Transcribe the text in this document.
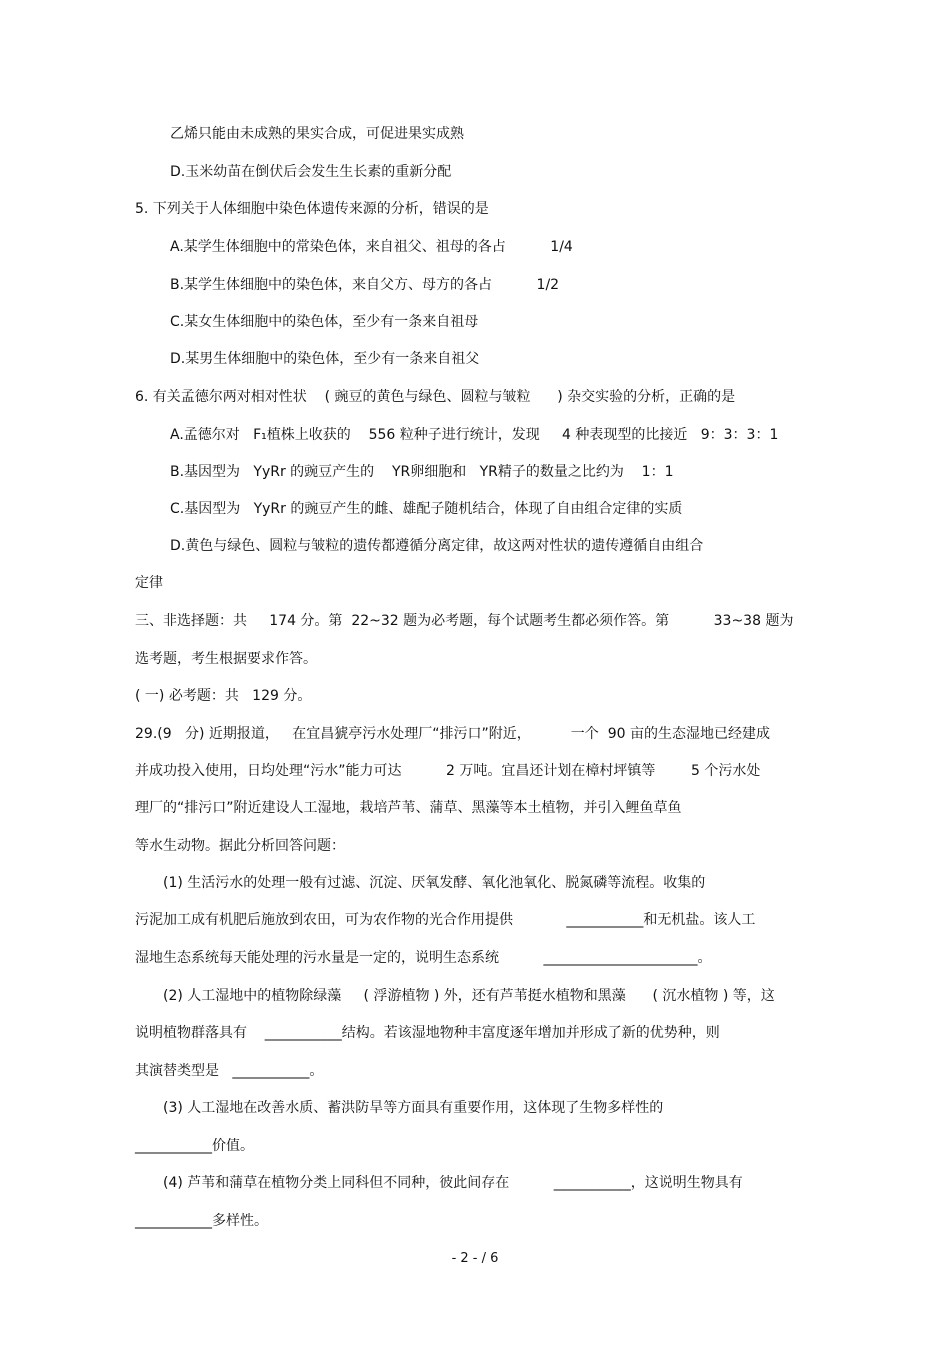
乙烯只能由未成熟的果实合成，可促进果实成熟
D.玉米幼苗在倒伏后会发生生长素的重新分配
5. 下列关于人体细胞中染色体遗传来源的分析，错误的是
A.某学生体细胞中的常染色体，来自祖父、祖母的各占          1/4
B.某学生体细胞中的染色体，来自父方、母方的各占          1/2
C.某女生体细胞中的染色体，至少有一条来自祖母
D.某男生体细胞中的染色体，至少有一条来自祖父
6. 有关孟德尔两对相对性状    ( 豌豆的黄色与绿色、圆粒与皱粒      ) 杂交实验的分析，正确的是
A.孟德尔对   F₁植株上收获的    556 粒种子进行统计，发现     4 种表现型的比接近   9：3：3：1
B.基因型为   YyRr 的豌豆产生的    YR卵细胞和   YR精子的数量之比约为    1：1
C.基因型为   YyRr 的豌豆产生的雌、雄配子随机结合，体现了自由组合定律的实质
D.黄色与绿色、圆粒与皱粒的遗传都遵循分离定律，故这两对性状的遗传遵循自由组合
定律
三、非选择题：共     174 分。第  22~32 题为必考题，每个试题考生都必须作答。第          33~38 题为
选考题，考生根据要求作答。
( 一) 必考题：共   129 分。
29.(9   分) 近期报道，   在宜昌猇亭污水处理厂“排污口”附近，         一个  90 亩的生态湿地已经建成
并成功投入使用，日均处理“污水”能力可达          2 万吨。宜昌还计划在樟村坪镇等        5 个污水处
理厂的“排污口”附近建设人工湿地，栽培芦苇、蒲草、黑藻等本土植物，并引入鲤鱼草鱼
等水生动物。据此分析回答问题：
(1) 生活污水的处理一般有过滤、沉淀、厌氧发酵、氧化池氧化、脱氮磷等流程。收集的
污泥加工成有机肥后施放到农田，可为农作物的光合作用提供            ___________和无机盐。该人工
湿地生态系统每天能处理的污水量是一定的，说明生态系统          ______________________。
(2) 人工湿地中的植物除绿藻     ( 浮游植物 ) 外，还有芦苇挺水植物和黑藻      ( 沉水植物 ) 等，这
说明植物群落具有    ___________结构。若该湿地物种丰富度逐年增加并形成了新的优势种，则
其演替类型是   ___________。
(3) 人工湿地在改善水质、蓄洪防旱等方面具有重要作用，这体现了生物多样性的
___________价值。
(4) 芦苇和蒲草在植物分类上同科但不同种，彼此间存在          ___________，这说明生物具有
___________多样性。
- 2 - / 6
